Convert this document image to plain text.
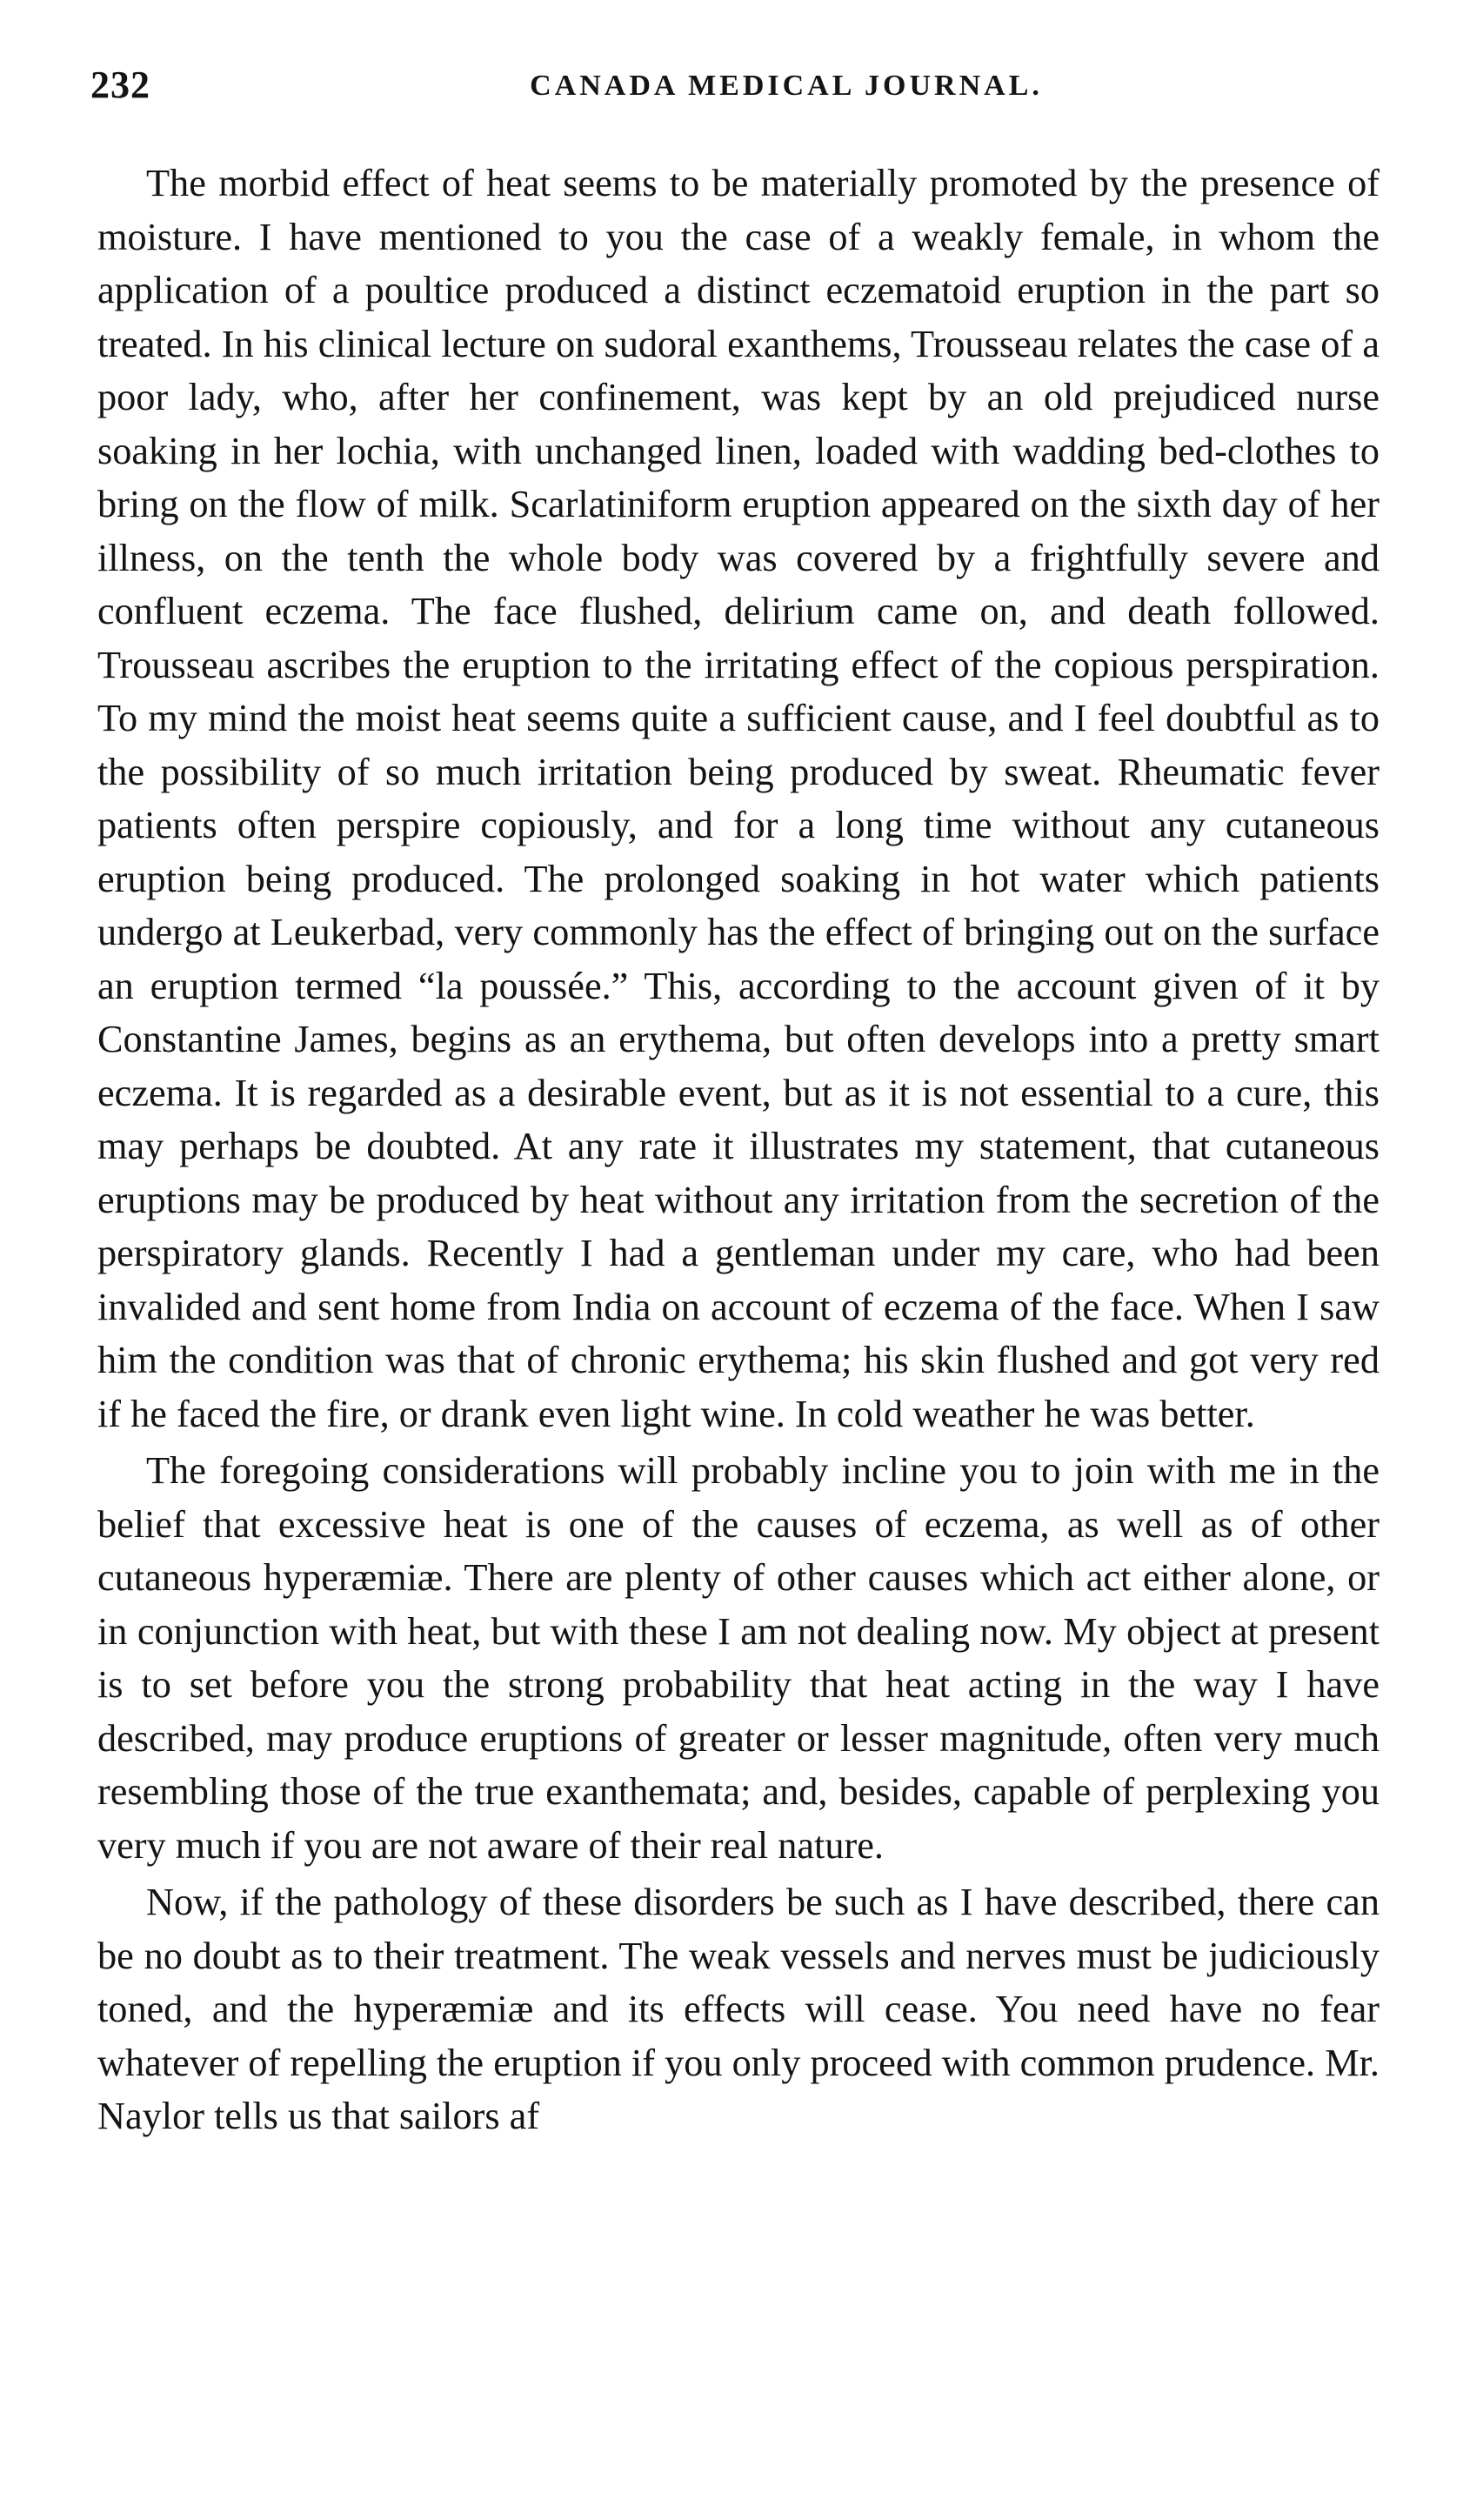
232	CANADA MEDICAL JOURNAL.

The morbid effect of heat seems to be materially promoted by the presence of moisture. I have mentioned to you the case of a weakly female, in whom the application of a poultice produced a distinct eczematoid eruption in the part so treated. In his clinical lecture on sudoral exanthems, Trousseau relates the case of a poor lady, who, after her confinement, was kept by an old prejudiced nurse soaking in her lochia, with unchanged linen, loaded with wadding bed-clothes to bring on the flow of milk. Scarlatiniform eruption appeared on the sixth day of her illness, on the tenth the whole body was covered by a frightfully severe and confluent eczema. The face flushed, delirium came on, and death followed. Trousseau ascribes the eruption to the irritating effect of the copious perspiration. To my mind the moist heat seems quite a sufficient cause, and I feel doubtful as to the possibility of so much irritation being produced by sweat. Rheumatic fever patients often perspire copiously, and for a long time without any cutaneous eruption being produced. The prolonged soaking in hot water which patients undergo at Leukerbad, very commonly has the effect of bringing out on the surface an eruption termed “la poussée.” This, according to the account given of it by Constantine James, begins as an erythema, but often develops into a pretty smart eczema. It is regarded as a desirable event, but as it is not essential to a cure, this may perhaps be doubted. At any rate it illustrates my statement, that cutaneous eruptions may be produced by heat without any irritation from the secretion of the perspiratory glands. Recently I had a gentleman under my care, who had been invalided and sent home from India on account of eczema of the face. When I saw him the condition was that of chronic erythema; his skin flushed and got very red if he faced the fire, or drank even light wine. In cold weather he was better.

The foregoing considerations will probably incline you to join with me in the belief that excessive heat is one of the causes of eczema, as well as of other cutaneous hyperæmiæ. There are plenty of other causes which act either alone, or in conjunction with heat, but with these I am not dealing now. My object at present is to set before you the strong probability that heat acting in the way I have described, may produce eruptions of greater or lesser magnitude, often very much resembling those of the true exanthemata; and, besides, capable of perplexing you very much if you are not aware of their real nature.

Now, if the pathology of these disorders be such as I have described, there can be no doubt as to their treatment. The weak vessels and nerves must be judiciously toned, and the hyperæmiæ and its effects will cease. You need have no fear whatever of repelling the eruption if you only proceed with common prudence. Mr. Naylor tells us that sailors af
